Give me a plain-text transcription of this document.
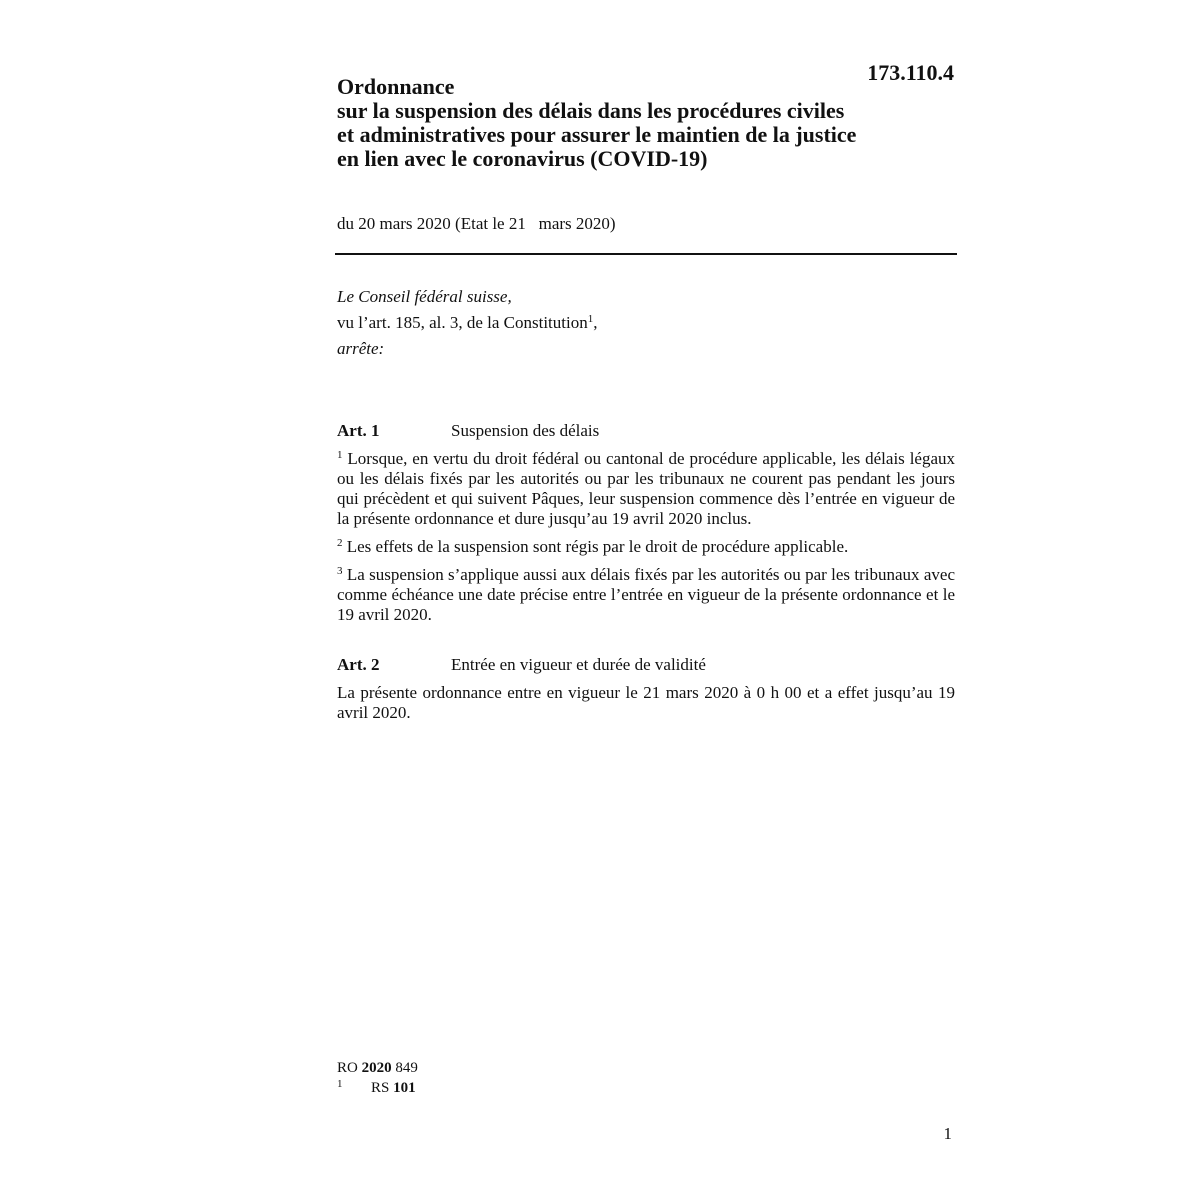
173.110.4
Ordonnance
sur la suspension des délais dans les procédures civiles
et administratives pour assurer le maintien de la justice
en lien avec le coronavirus (COVID-19)
du 20 mars 2020 (Etat le 21   mars 2020)
Le Conseil fédéral suisse,
vu l’art. 185, al. 3, de la Constitution$^1$,
arrête:
Art. 1	Suspension des délais

$^1$ Lorsque, en vertu du droit fédéral ou cantonal de procédure applicable, les délais légaux ou les délais fixés par les autorités ou par les tribunaux ne courent pas pendant les jours qui précèdent et qui suivent Pâques, leur suspension commence dès l’entrée en vigueur de la présente ordonnance et dure jusqu’au 19 avril 2020 inclus.

$^2$ Les effets de la suspension sont régis par le droit de procédure applicable.

$^3$ La suspension s’applique aussi aux délais fixés par les autorités ou par les tribunaux avec comme échéance une date précise entre l’entrée en vigueur de la présente ordonnance et le 19 avril 2020.

Art. 2	Entrée en vigueur et durée de validité

La présente ordonnance entre en vigueur le 21 mars 2020 à 0 h 00 et a effet jusqu’au 19 avril 2020.

RO 2020 849
1 RS 101
1
